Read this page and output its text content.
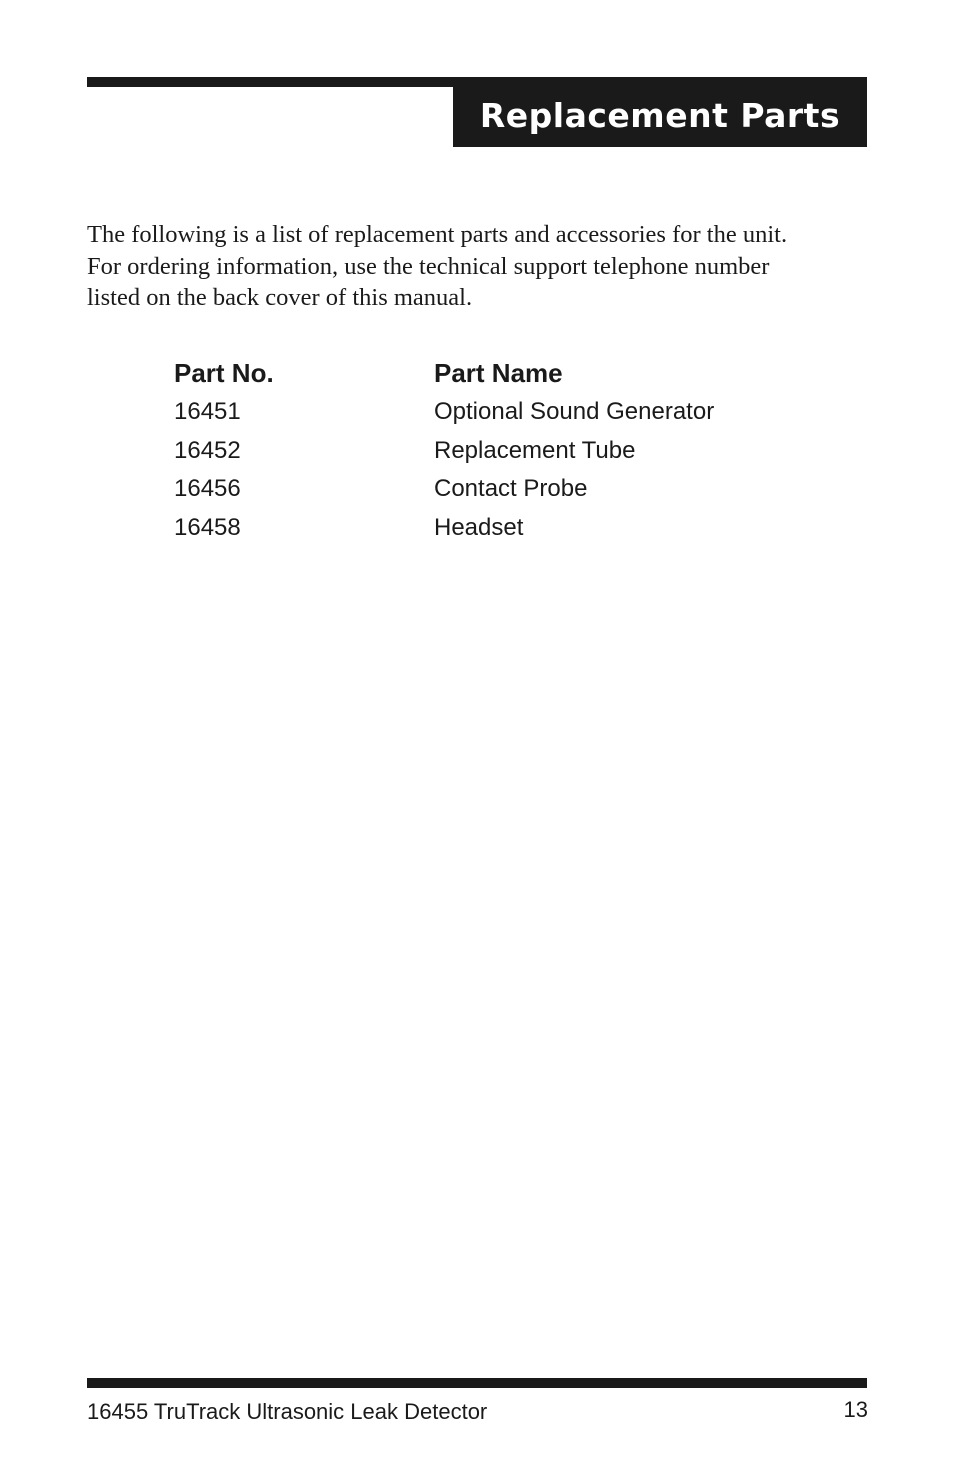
Replacement Parts

The following is a list of replacement parts and accessories for the unit.
For ordering information, use the technical support telephone number
listed on the back cover of this manual.

Part No.	Part Name
16451	Optional Sound Generator
16452	Replacement Tube
16456	Contact Probe
16458	Headset
16455 TruTrack Ultrasonic Leak Detector	13
